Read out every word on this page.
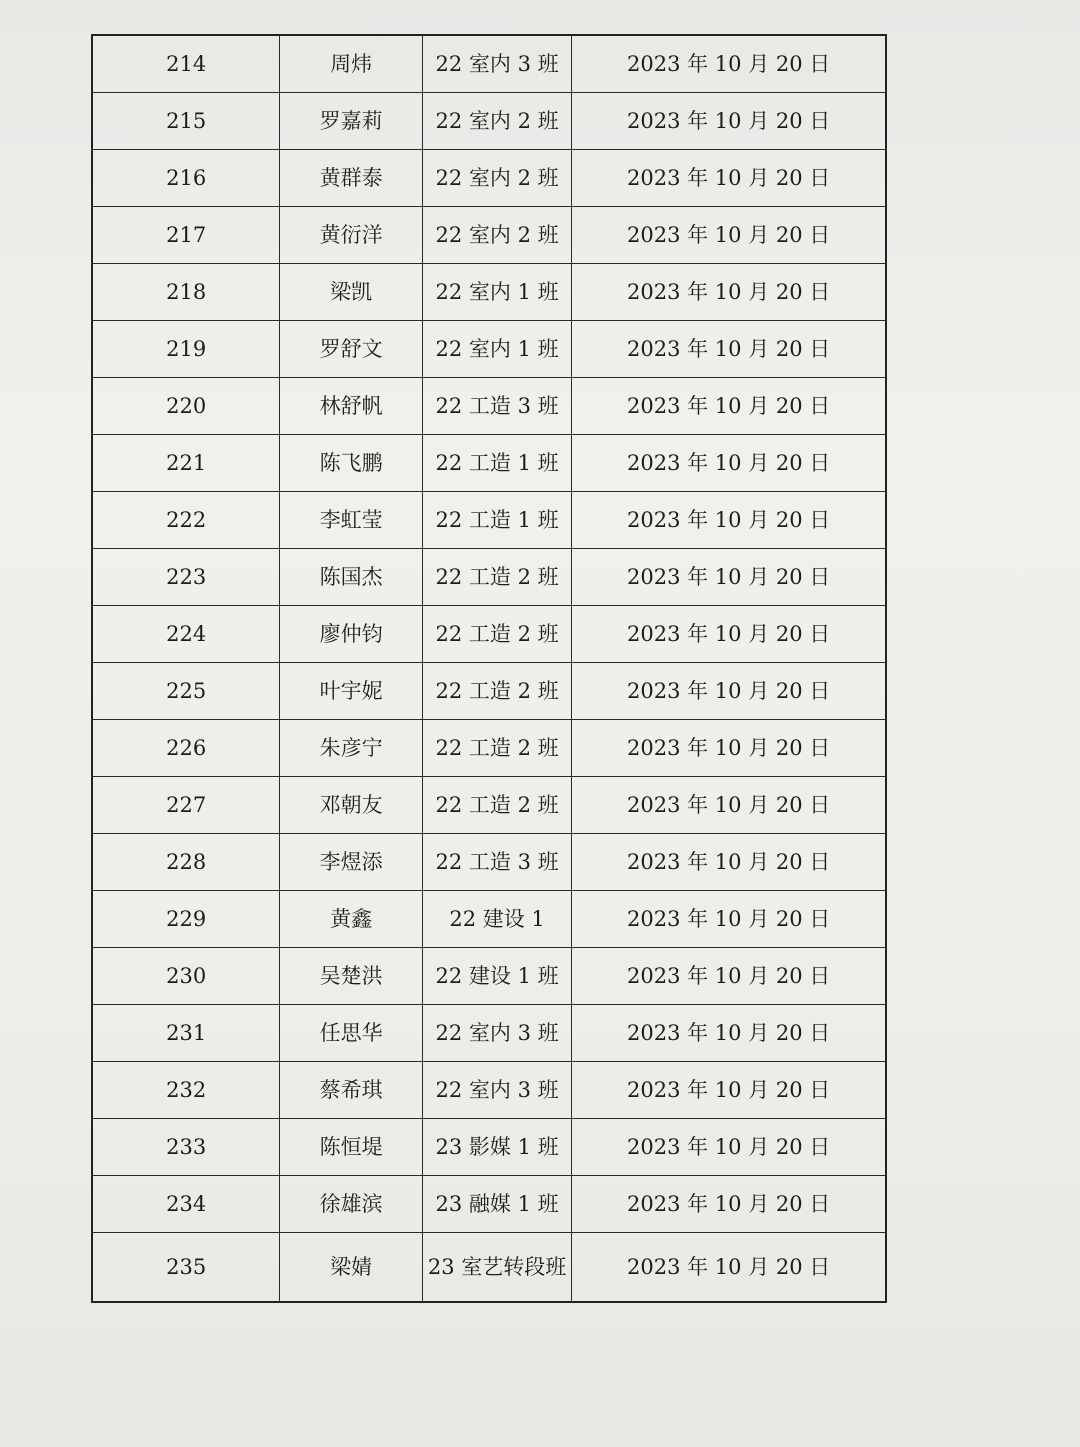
214	周炜	22 室内 3 班	2023 年 10 月 20 日
215	罗嘉莉	22 室内 2 班	2023 年 10 月 20 日
216	黄群泰	22 室内 2 班	2023 年 10 月 20 日
217	黄衍洋	22 室内 2 班	2023 年 10 月 20 日
218	梁凯	22 室内 1 班	2023 年 10 月 20 日
219	罗舒文	22 室内 1 班	2023 年 10 月 20 日
220	林舒帆	22 工造 3 班	2023 年 10 月 20 日
221	陈飞鹏	22 工造 1 班	2023 年 10 月 20 日
222	李虹莹	22 工造 1 班	2023 年 10 月 20 日
223	陈国杰	22 工造 2 班	2023 年 10 月 20 日
224	廖仲钧	22 工造 2 班	2023 年 10 月 20 日
225	叶宇妮	22 工造 2 班	2023 年 10 月 20 日
226	朱彦宁	22 工造 2 班	2023 年 10 月 20 日
227	邓朝友	22 工造 2 班	2023 年 10 月 20 日
228	李煜添	22 工造 3 班	2023 年 10 月 20 日
229	黄鑫	22 建设 1	2023 年 10 月 20 日
230	吴楚洪	22 建设 1 班	2023 年 10 月 20 日
231	任思华	22 室内 3 班	2023 年 10 月 20 日
232	蔡希琪	22 室内 3 班	2023 年 10 月 20 日
233	陈恒堤	23 影媒 1 班	2023 年 10 月 20 日
234	徐雄滨	23 融媒 1 班	2023 年 10 月 20 日
235	梁婧	23 室艺转段班	2023 年 10 月 20 日
